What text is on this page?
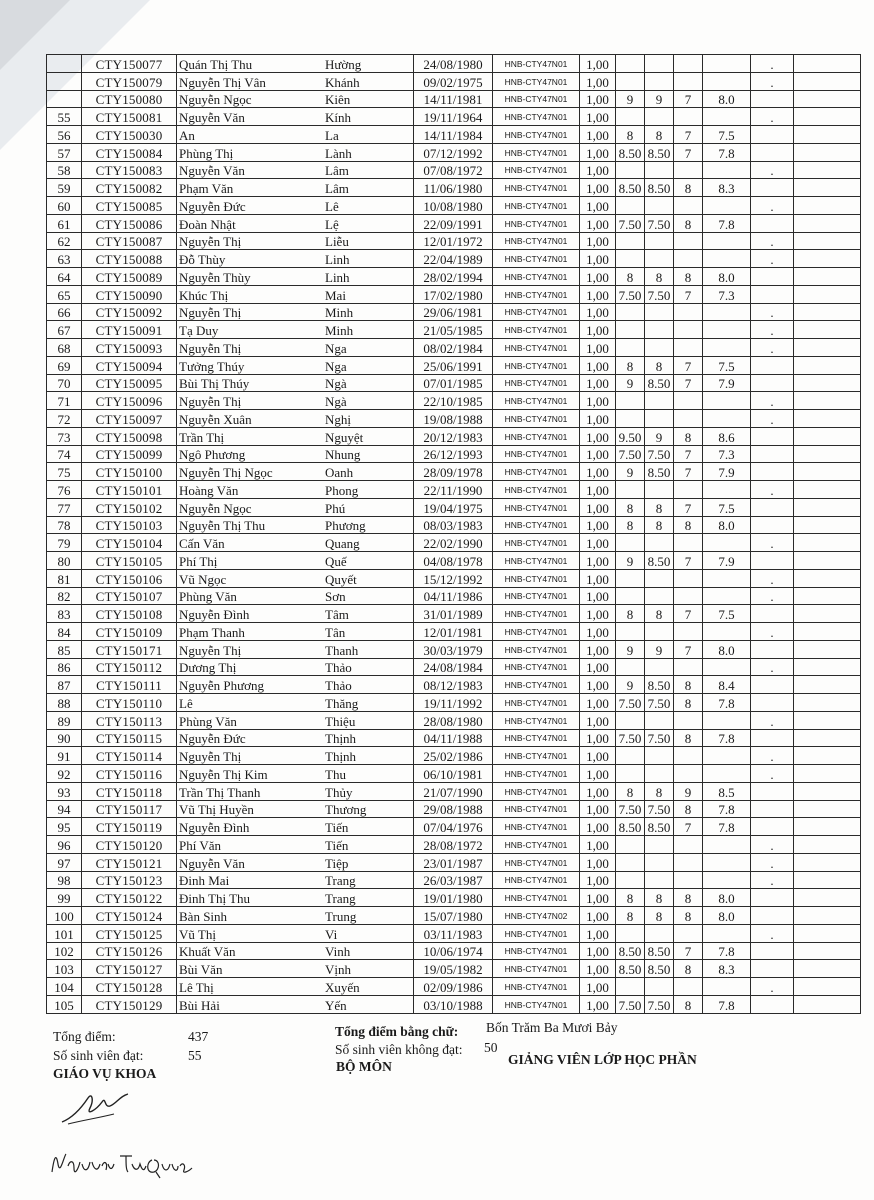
	CTY150077	Quán Thị Thu	Hường	24/08/1980	HNB-CTY47N01	1,00					.	
	CTY150079	Nguyễn Thị Vân	Khánh	09/02/1975	HNB-CTY47N01	1,00					.	
	CTY150080	Nguyễn Ngọc	Kiên	14/11/1981	HNB-CTY47N01	1,00	9	9	7	8.0		
55	CTY150081	Nguyễn Văn	Kính	19/11/1964	HNB-CTY47N01	1,00					.	
56	CTY150030	An	La	14/11/1984	HNB-CTY47N01	1,00	8	8	7	7.5		
57	CTY150084	Phùng Thị	Lành	07/12/1992	HNB-CTY47N01	1,00	8.50	8.50	7	7.8		
58	CTY150083	Nguyễn Văn	Lâm	07/08/1972	HNB-CTY47N01	1,00					.	
59	CTY150082	Phạm Văn	Lâm	11/06/1980	HNB-CTY47N01	1,00	8.50	8.50	8	8.3		
60	CTY150085	Nguyễn Đức	Lê	10/08/1980	HNB-CTY47N01	1,00					.	
61	CTY150086	Đoàn Nhật	Lệ	22/09/1991	HNB-CTY47N01	1,00	7.50	7.50	8	7.8		
62	CTY150087	Nguyễn Thị	Liễu	12/01/1972	HNB-CTY47N01	1,00					.	
63	CTY150088	Đỗ Thùy	Linh	22/04/1989	HNB-CTY47N01	1,00					.	
64	CTY150089	Nguyễn Thùy	Linh	28/02/1994	HNB-CTY47N01	1,00	8	8	8	8.0		
65	CTY150090	Khúc Thị	Mai	17/02/1980	HNB-CTY47N01	1,00	7.50	7.50	7	7.3		
66	CTY150092	Nguyễn Thị	Minh	29/06/1981	HNB-CTY47N01	1,00					.	
67	CTY150091	Tạ Duy	Minh	21/05/1985	HNB-CTY47N01	1,00					.	
68	CTY150093	Nguyễn Thị	Nga	08/02/1984	HNB-CTY47N01	1,00					.	
69	CTY150094	Tưởng Thúy	Nga	25/06/1991	HNB-CTY47N01	1,00	8	8	7	7.5		
70	CTY150095	Bùi Thị Thúy	Ngà	07/01/1985	HNB-CTY47N01	1,00	9	8.50	7	7.9		
71	CTY150096	Nguyễn Thị	Ngà	22/10/1985	HNB-CTY47N01	1,00					.	
72	CTY150097	Nguyễn Xuân	Nghị	19/08/1988	HNB-CTY47N01	1,00					.	
73	CTY150098	Trần Thị	Nguyệt	20/12/1983	HNB-CTY47N01	1,00	9.50	9	8	8.6		
74	CTY150099	Ngô Phương	Nhung	26/12/1993	HNB-CTY47N01	1,00	7.50	7.50	7	7.3		
75	CTY150100	Nguyễn Thị Ngọc	Oanh	28/09/1978	HNB-CTY47N01	1,00	9	8.50	7	7.9		
76	CTY150101	Hoàng Văn	Phong	22/11/1990	HNB-CTY47N01	1,00					.	
77	CTY150102	Nguyễn Ngọc	Phú	19/04/1975	HNB-CTY47N01	1,00	8	8	7	7.5		
78	CTY150103	Nguyễn Thị Thu	Phương	08/03/1983	HNB-CTY47N01	1,00	8	8	8	8.0		
79	CTY150104	Cấn Văn	Quang	22/02/1990	HNB-CTY47N01	1,00					.	
80	CTY150105	Phí Thị	Quế	04/08/1978	HNB-CTY47N01	1,00	9	8.50	7	7.9		
81	CTY150106	Vũ Ngọc	Quyết	15/12/1992	HNB-CTY47N01	1,00					.	
82	CTY150107	Phùng Văn	Sơn	04/11/1986	HNB-CTY47N01	1,00					.	
83	CTY150108	Nguyễn Đình	Tâm	31/01/1989	HNB-CTY47N01	1,00	8	8	7	7.5		
84	CTY150109	Phạm Thanh	Tân	12/01/1981	HNB-CTY47N01	1,00					.	
85	CTY150171	Nguyễn Thị	Thanh	30/03/1979	HNB-CTY47N01	1,00	9	9	7	8.0		
86	CTY150112	Dương Thị	Thảo	24/08/1984	HNB-CTY47N01	1,00					.	
87	CTY150111	Nguyễn Phương	Thảo	08/12/1983	HNB-CTY47N01	1,00	9	8.50	8	8.4		
88	CTY150110	Lê	Thăng	19/11/1992	HNB-CTY47N01	1,00	7.50	7.50	8	7.8		
89	CTY150113	Phùng Văn	Thiệu	28/08/1980	HNB-CTY47N01	1,00					.	
90	CTY150115	Nguyễn Đức	Thịnh	04/11/1988	HNB-CTY47N01	1,00	7.50	7.50	8	7.8		
91	CTY150114	Nguyễn Thị	Thịnh	25/02/1986	HNB-CTY47N01	1,00					.	
92	CTY150116	Nguyễn Thị Kim	Thu	06/10/1981	HNB-CTY47N01	1,00					.	
93	CTY150118	Trần Thị Thanh	Thủy	21/07/1990	HNB-CTY47N01	1,00	8	8	9	8.5		
94	CTY150117	Vũ Thị Huyền	Thương	29/08/1988	HNB-CTY47N01	1,00	7.50	7.50	8	7.8		
95	CTY150119	Nguyễn Đình	Tiến	07/04/1976	HNB-CTY47N01	1,00	8.50	8.50	7	7.8		
96	CTY150120	Phí Văn	Tiến	28/08/1972	HNB-CTY47N01	1,00					.	
97	CTY150121	Nguyễn Văn	Tiệp	23/01/1987	HNB-CTY47N01	1,00					.	
98	CTY150123	Đinh Mai	Trang	26/03/1987	HNB-CTY47N01	1,00					.	
99	CTY150122	Đinh Thị Thu	Trang	19/01/1980	HNB-CTY47N01	1,00	8	8	8	8.0		
100	CTY150124	Bàn Sinh	Trung	15/07/1980	HNB-CTY47N02	1,00	8	8	8	8.0		
101	CTY150125	Vũ Thị	Vi	03/11/1983	HNB-CTY47N01	1,00					.	
102	CTY150126	Khuất Văn	Vinh	10/06/1974	HNB-CTY47N01	1,00	8.50	8.50	7	7.8		
103	CTY150127	Bùi Văn	Vịnh	19/05/1982	HNB-CTY47N01	1,00	8.50	8.50	8	8.3		
104	CTY150128	Lê Thị	Xuyến	02/09/1986	HNB-CTY47N01	1,00					.	
105	CTY150129	Bùi Hải	Yến	03/10/1988	HNB-CTY47N01	1,00	7.50	7.50	8	7.8		
Tổng điểm:	437
Số sinh viên đạt:	55
Tổng điểm bằng chữ: Bốn Trăm Ba Mươi Bảy
Số sinh viên không đạt: 50
GIÁO VỤ KHOA	BỘ MÔN	GIẢNG VIÊN LỚP HỌC PHẦN
